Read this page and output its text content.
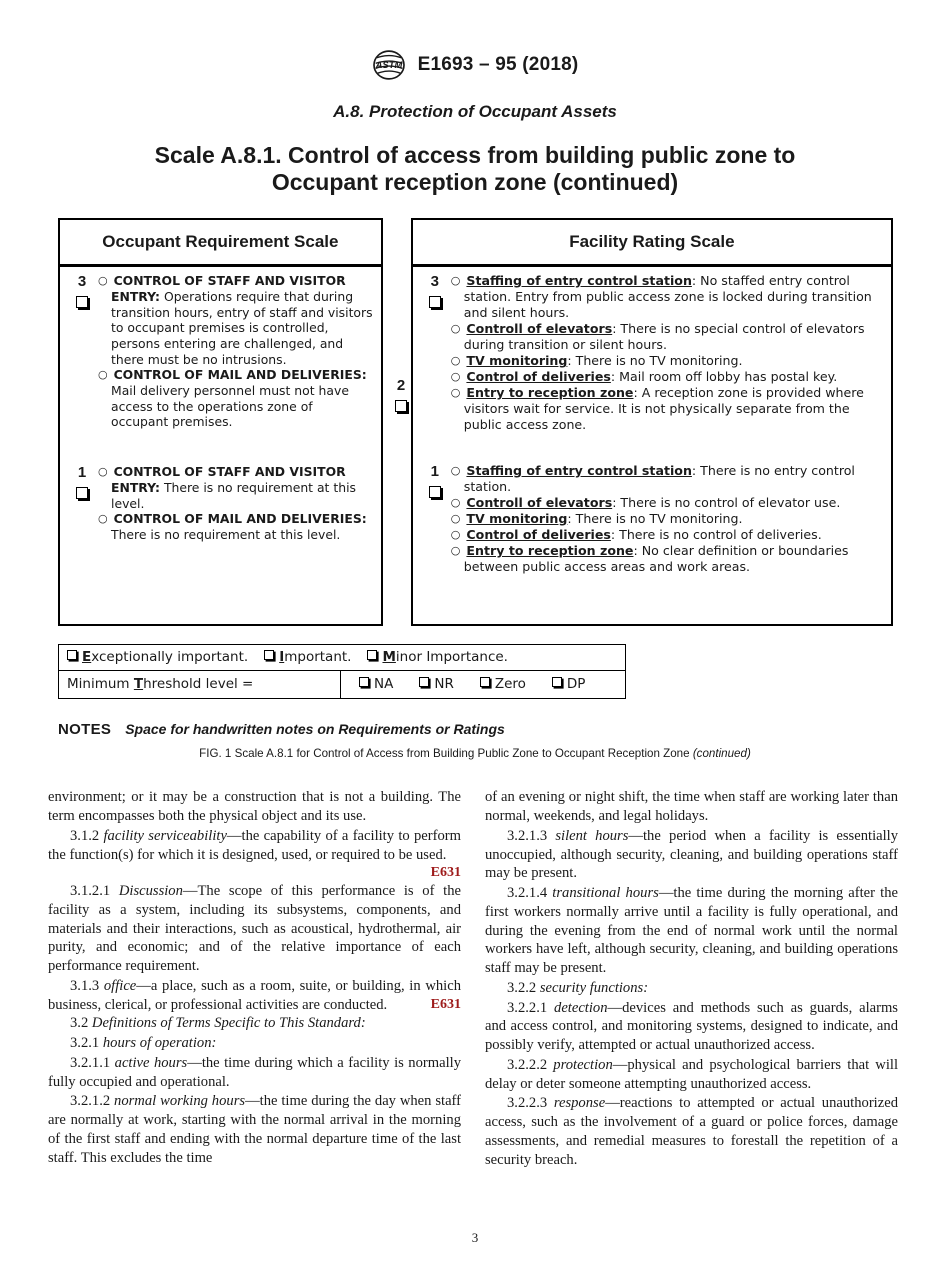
ASTM E1693 – 95 (2018)
A.8. Protection of Occupant Assets
Scale A.8.1. Control of access from building public zone to
Occupant reception zone (continued)
Occupant Requirement Scale
3	○ CONTROL OF STAFF AND VISITOR ENTRY: Operations require that during transition hours, entry of staff and visitors to occupant premises is controlled, persons entering are challenged, and there must be no intrusions.
○ CONTROL OF MAIL AND DELIVERIES: Mail delivery personnel must not have access to the operations zone of occupant premises.
1	○ CONTROL OF STAFF AND VISITOR ENTRY: There is no requirement at this level.
○ CONTROL OF MAIL AND DELIVERIES: There is no requirement at this level.
2
Facility Rating Scale
3	○ Staffing of entry control station: No staffed entry control station. Entry from public access zone is locked during transition and silent hours.
○ Controll of elevators: There is no special control of elevators during transition or silent hours.
○ TV monitoring: There is no TV monitoring.
○ Control of deliveries: Mail room off lobby has postal key.
○ Entry to reception zone: A reception zone is provided where visitors wait for service. It is not physically separate from the public access zone.
1	○ Staffing of entry control station: There is no entry control station.
○ Controll of elevators: There is no control of elevator use.
○ TV monitoring: There is no TV monitoring.
○ Control of deliveries: There is no control of deliveries.
○ Entry to reception zone: No clear definition or boundaries between public access areas and work areas.
Exceptionally important.	Important.	Minor Importance.
Minimum Threshold level =	NA	NR	Zero	DP
NOTES Space for handwritten notes on Requirements or Ratings
FIG. 1 Scale A.8.1 for Control of Access from Building Public Zone to Occupant Reception Zone (continued)

environment; or it may be a construction that is not a building. The term encompasses both the physical object and its use.

3.1.2 facility serviceability—the capability of a facility to perform the function(s) for which it is designed, used, or required to be used.
E631

3.1.2.1 Discussion—The scope of this performance is of the facility as a system, including its subsystems, components, and materials and their interactions, such as acoustical, hydrothermal, air purity, and economic; and of the relative importance of each performance requirement.

3.1.3 office—a place, such as a room, suite, or building, in which business, clerical, or professional activities are conducted.	E631

3.2 Definitions of Terms Specific to This Standard:

3.2.1 hours of operation:

3.2.1.1 active hours—the time during which a facility is normally fully occupied and operational.

3.2.1.2 normal working hours—the time during the day when staff are normally at work, starting with the normal arrival in the morning of the first staff and ending with the normal departure time of the last staff. This excludes the time

of an evening or night shift, the time when staff are working later than normal, weekends, and legal holidays.

3.2.1.3 silent hours—the period when a facility is essentially unoccupied, although security, cleaning, and building operations staff may be present.

3.2.1.4 transitional hours—the time during the morning after the first workers normally arrive until a facility is fully operational, and during the evening from the end of normal work until the normal workers have left, although security, cleaning, and building operations staff may be present.

3.2.2 security functions:

3.2.2.1 detection—devices and methods such as guards, alarms and access control, and monitoring systems, designed to indicate, and possibly verify, attempted or actual unauthorized access.

3.2.2.2 protection—physical and psychological barriers that will delay or deter someone attempting unauthorized access.

3.2.2.3 response—reactions to attempted or actual unauthorized access, such as the involvement of a guard or police forces, damage assessments, and remedial measures to forestall the repetition of a security breach.

3
